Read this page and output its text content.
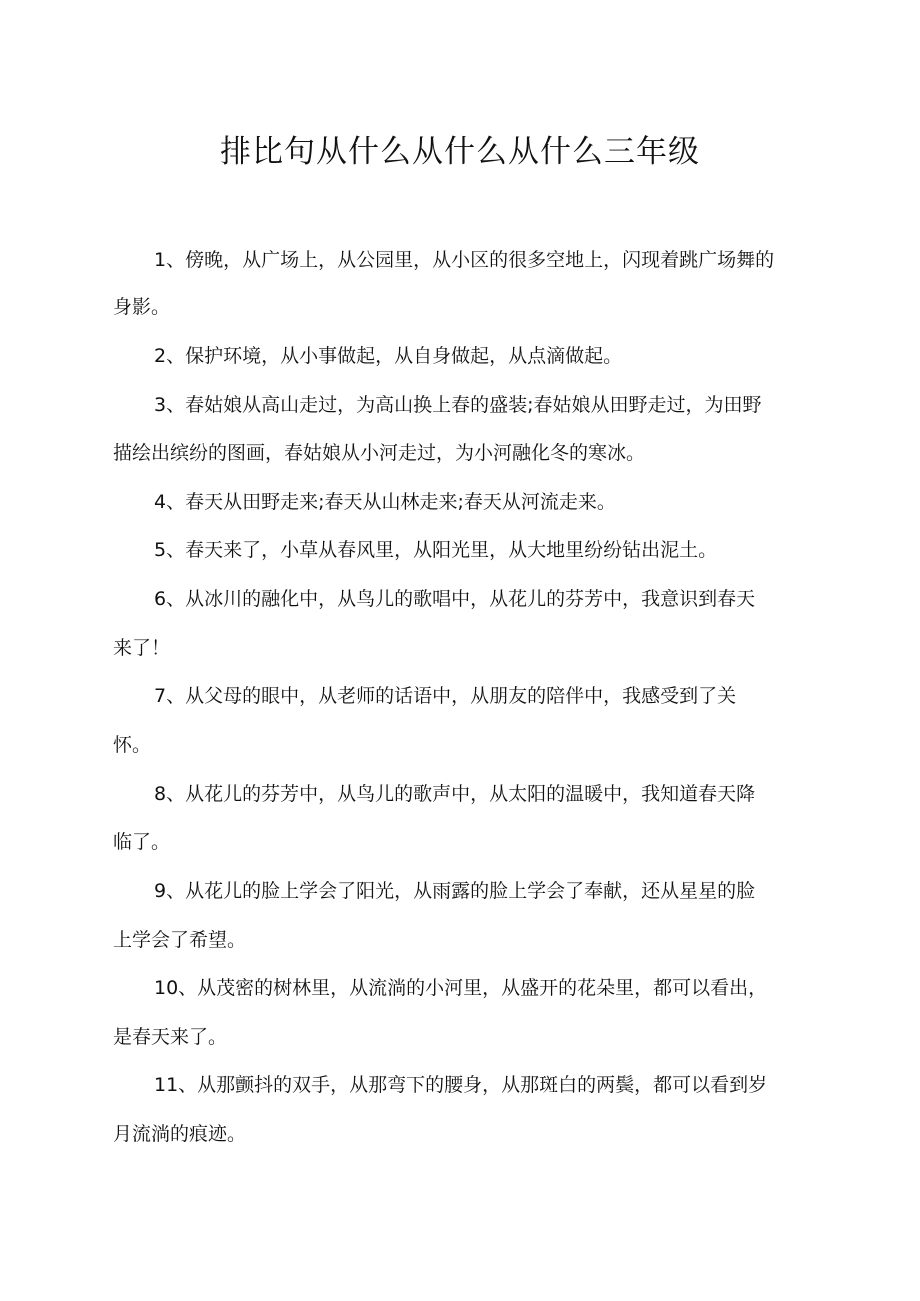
排比句从什么从什么从什么三年级

1、傍晚，从广场上，从公园里，从小区的很多空地上，闪现着跳广场舞的

身影。

2、保护环境，从小事做起，从自身做起，从点滴做起。

3、春姑娘从高山走过，为高山换上春的盛装;春姑娘从田野走过，为田野

描绘出缤纷的图画，春姑娘从小河走过，为小河融化冬的寒冰。

4、春天从田野走来;春天从山林走来;春天从河流走来。

5、春天来了，小草从春风里，从阳光里，从大地里纷纷钻出泥土。

6、从冰川的融化中，从鸟儿的歌唱中，从花儿的芬芳中，我意识到春天

来了！

7、从父母的眼中，从老师的话语中，从朋友的陪伴中，我感受到了关

怀。

8、从花儿的芬芳中，从鸟儿的歌声中，从太阳的温暖中，我知道春天降

临了。

9、从花儿的脸上学会了阳光，从雨露的脸上学会了奉献，还从星星的脸

上学会了希望。

10、从茂密的树林里，从流淌的小河里，从盛开的花朵里，都可以看出，

是春天来了。

11、从那颤抖的双手，从那弯下的腰身，从那斑白的两鬓，都可以看到岁

月流淌的痕迹。
